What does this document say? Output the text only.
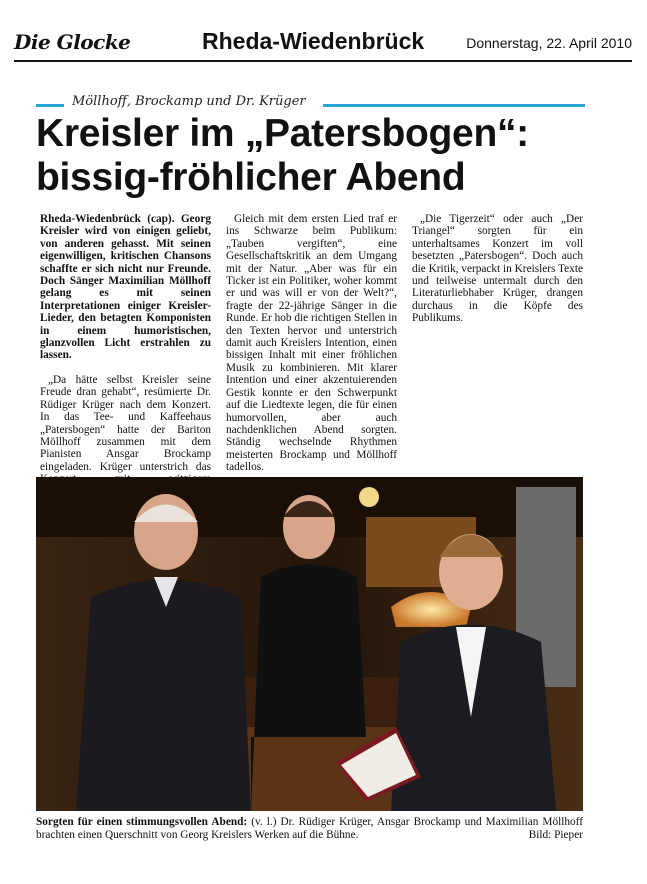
Die Glocke	Rheda-Wiedenbrück	Donnerstag, 22. April 2010
Möllhoff, Brockamp und Dr. Krüger
Kreisler im „Patersbogen“:
bissig-fröhlicher Abend

Rheda-Wiedenbrück (cap). Georg Kreisler wird von einigen geliebt, von anderen gehasst. Mit seinen eigenwilligen, kritischen Chansons schaffte er sich nicht nur Freunde. Doch Sänger Maximilian Möllhoff gelang es mit seinen Interpretationen einiger Kreisler-Lieder, den betagten Komponisten in einem humoristischen, glanzvollen Licht erstrahlen zu lassen.

„Da hätte selbst Kreisler seine Freude dran gehabt“, resümierte Dr. Rüdiger Krüger nach dem Konzert. In das Tee- und Kaffeehaus „Patersbogen“ hatte der Bariton Möllhoff zusammen mit dem Pianisten Ansgar Brockamp eingeladen. Krüger unterstrich das

Gleich mit dem ersten Lied traf er ins Schwarze beim Publikum: „Tauben vergiften“, eine Gesellschaftskritik an dem Umgang mit der Natur. „Aber was für ein Ticker ist ein Politiker, woher kommt er und was will er von der Welt?“, fragte der 22-jährige Sänger in die Runde. Er hob die richtigen Stellen in den Texten hervor und unterstrich damit auch Kreislers Intention, einen bissigen Inhalt mit einer fröhlichen Musik zu kombinieren. Mit klarer Intention und einer akzentuierenden Gestik konnte er den Schwerpunkt auf die Liedtexte legen, die für einen humorvollen, aber auch nachdenklichen Abend sorgten. Ständig wechselnde Rhythmen meisterten Brockamp und Möllhoff tadellos.

„Die Tigerzeit“ oder auch „Der Triangel“ sorgten für ein unterhaltsames Konzert im voll besetzten „Patersbogen“. Doch auch die Kritik, verpackt in Kreislers Texte und teilweise untermalt durch den Literaturliebhaber Krüger, drangen durchaus in die Köpfe des Publikums.

Sorgten für einen stimmungsvollen Abend: (v. l.) Dr. Rüdiger Krüger, Ansgar Brockamp und Maximilian Möllhoff brachten einen Querschnitt von Georg Kreislers Werken auf die Bühne.	Bild: Pieper
